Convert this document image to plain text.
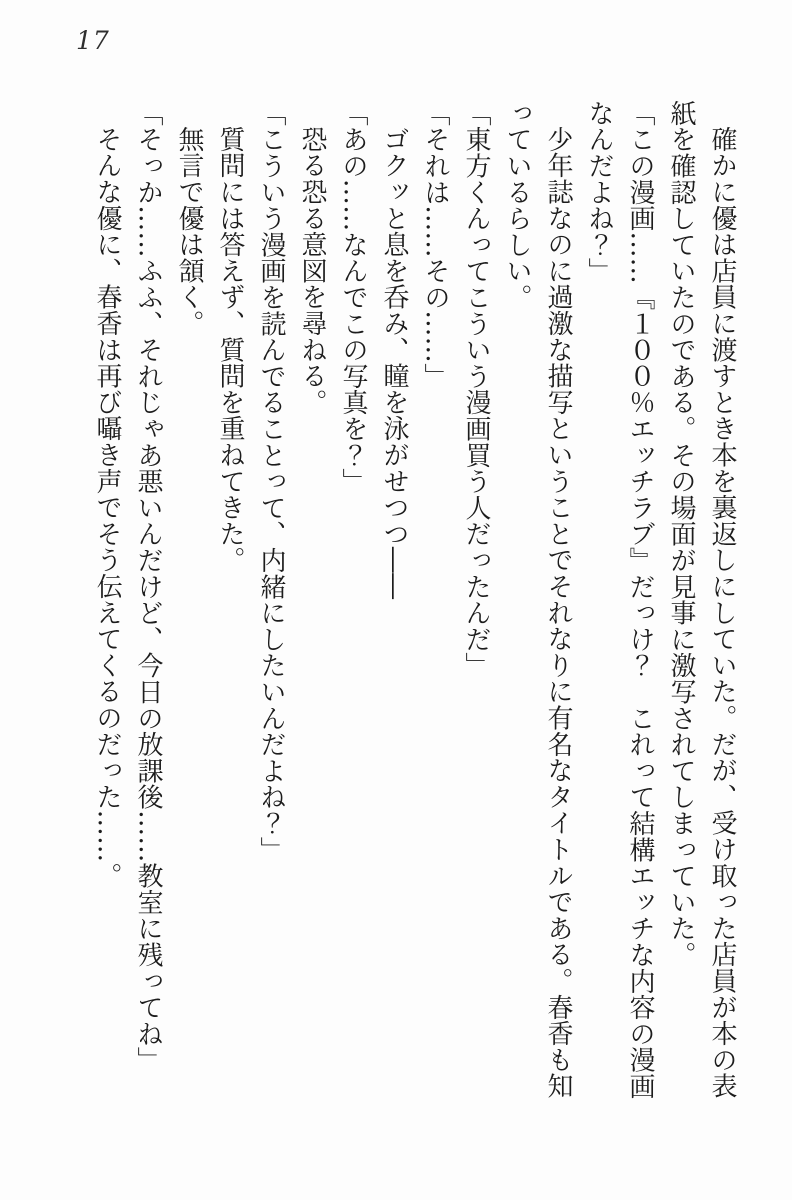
17

確かに優は店員に渡すとき本を裏返しにしていた。だが、受け取った店員が本の表紙を確認していたのである。その場面が見事に激写されてしまっていた。

「この漫画……『１００％エッチラブ』だっけ？　これって結構エッチな内容の漫画なんだよね？」

少年誌なのに過激な描写ということでそれなりに有名なタイトルである。春香も知っているらしい。

「東方くんってこういう漫画買う人だったんだ」

「それは……その……」

ゴクッと息を呑み、瞳を泳がせつつ――

「あの……なんでこの写真を？」

恐る恐る意図を尋ねる。

「こういう漫画を読んでることって、内緒にしたいんだよね？」

質問には答えず、質問を重ねてきた。

無言で優は頷く。

「そっか……ふふ、それじゃあ悪いんだけど、今日の放課後……教室に残ってね」

そんな優に、春香は再び囁き声でそう伝えてくるのだった……。
